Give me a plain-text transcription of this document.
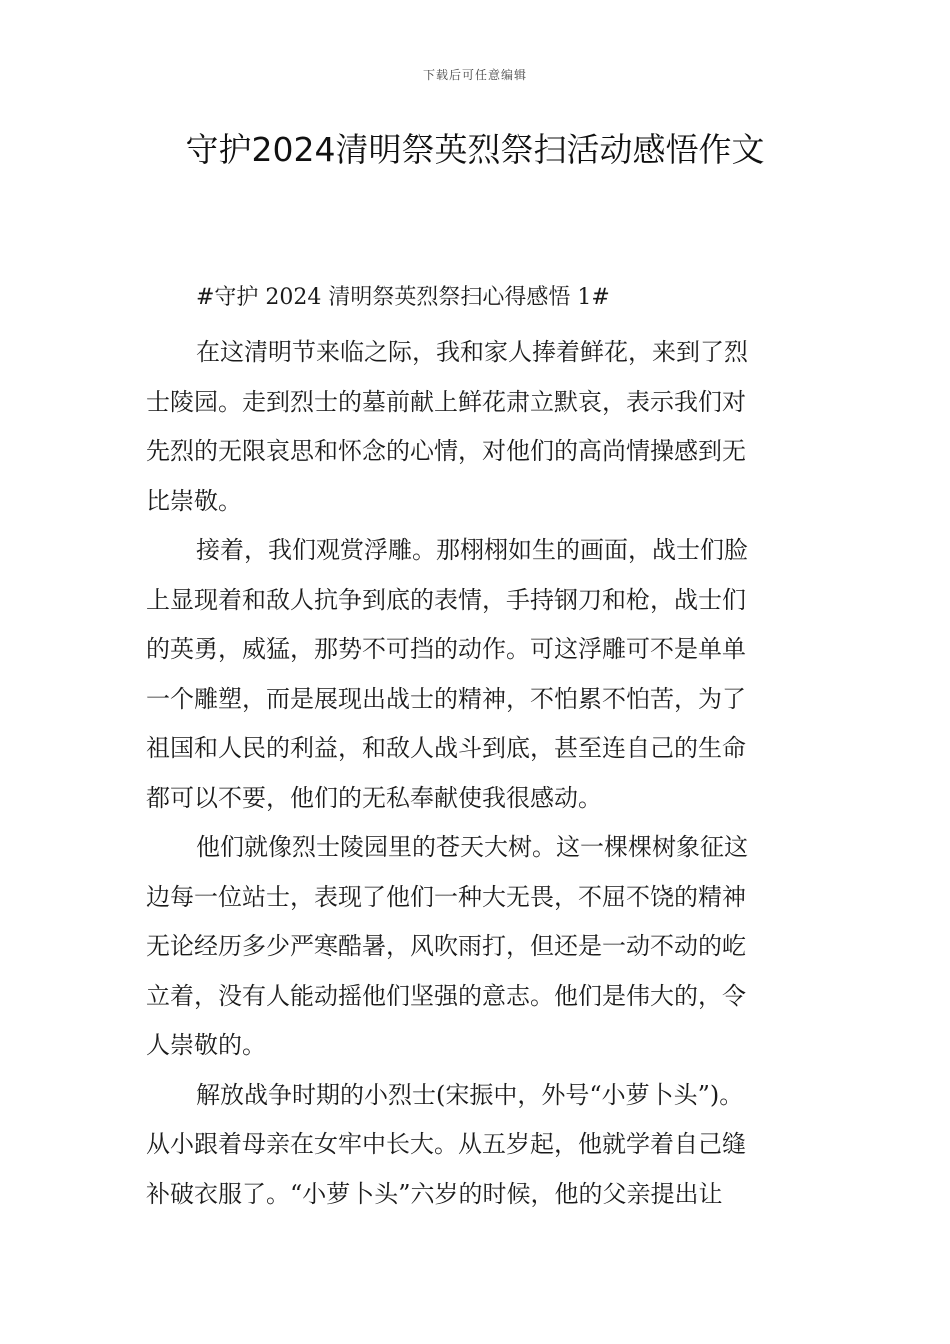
下载后可任意编辑
守护2024清明祭英烈祭扫活动感悟作文
#守护 2024 清明祭英烈祭扫心得感悟 1#
在这清明节来临之际，我和家人捧着鲜花，来到了烈
士陵园。走到烈士的墓前献上鲜花肃立默哀，表示我们对
先烈的无限哀思和怀念的心情，对他们的高尚情操感到无
比崇敬。
接着，我们观赏浮雕。那栩栩如生的画面，战士们脸
上显现着和敌人抗争到底的表情，手持钢刀和枪，战士们
的英勇，威猛，那势不可挡的动作。可这浮雕可不是单单
一个雕塑，而是展现出战士的精神，不怕累不怕苦，为了
祖国和人民的利益，和敌人战斗到底，甚至连自己的生命
都可以不要，他们的无私奉献使我很感动。
他们就像烈士陵园里的苍天大树。这一棵棵树象征这
边每一位站士，表现了他们一种大无畏，不屈不饶的精神
无论经历多少严寒酷暑，风吹雨打，但还是一动不动的屹
立着，没有人能动摇他们坚强的意志。他们是伟大的，令
人崇敬的。
解放战争时期的小烈士(宋振中，外号“小萝卜头”)。
从小跟着母亲在女牢中长大。从五岁起，他就学着自己缝
补破衣服了。“小萝卜头”六岁的时候，他的父亲提出让
